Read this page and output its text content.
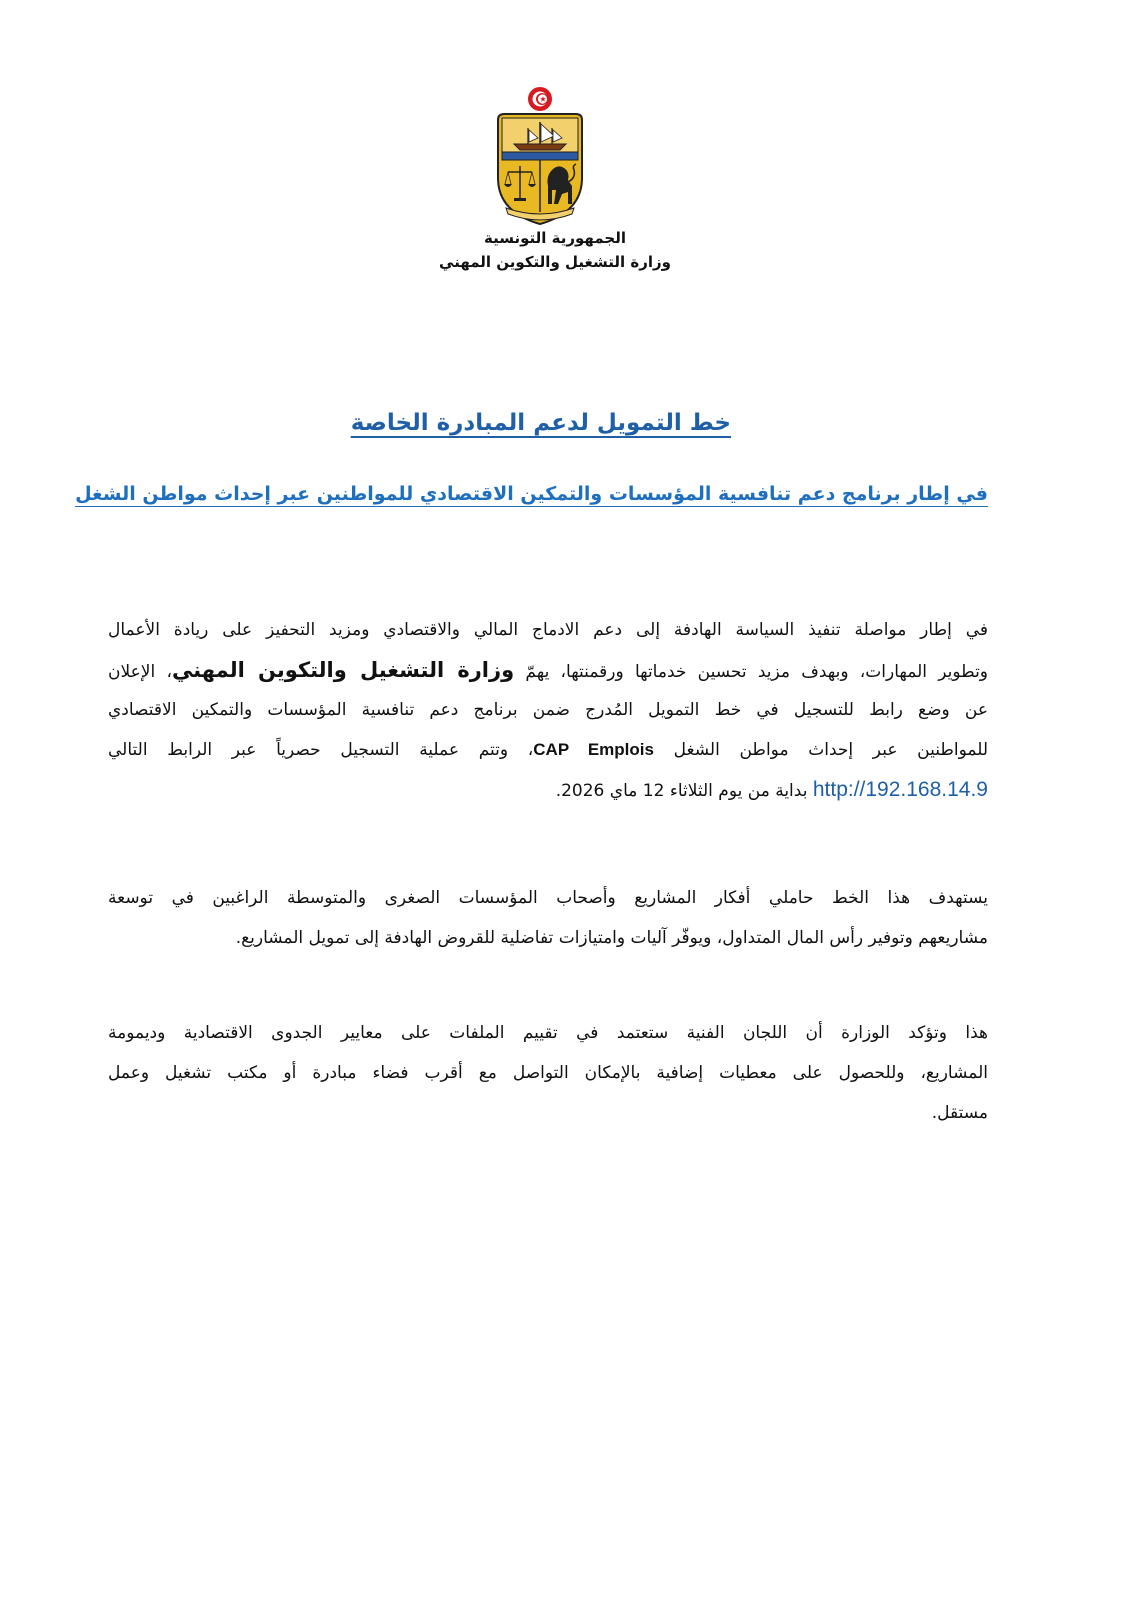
الجمهورية التونسية
وزارة التشغيل والتكوين المهني
خط التمويل لدعم المبادرة الخاصة
في إطار برنامج دعم تنافسية المؤسسات والتمكين الاقتصادي للمواطنين عبر إحداث مواطن الشغل
في إطار مواصلة تنفيذ السياسة الهادفة إلى دعم الادماج المالي والاقتصادي ومزيد التحفيز على ريادة الأعمال
وتطوير المهارات، وبهدف مزيد تحسين خدماتها ورقمنتها، يهمّ وزارة التشغيل والتكوين المهني، الإعلان
عن وضع رابط للتسجيل في خط التمويل المُدرج ضمن برنامج دعم تنافسية المؤسسات والتمكين الاقتصادي
للمواطنين عبر إحداث مواطن الشغل CAP Emplois، وتتم عملية التسجيل حصرياً عبر الرابط التالي
http://192.168.14.9 بداية من يوم الثلاثاء 12 ماي 2026.
يستهدف هذا الخط حاملي أفكار المشاريع وأصحاب المؤسسات الصغرى والمتوسطة الراغبين في توسعة
مشاريعهم وتوفير رأس المال المتداول، ويوفّر آليات وامتيازات تفاضلية للقروض الهادفة إلى تمويل المشاريع.
هذا وتؤكد الوزارة أن اللجان الفنية ستعتمد في تقييم الملفات على معايير الجدوى الاقتصادية وديمومة
المشاريع، وللحصول على معطيات إضافية بالإمكان التواصل مع أقرب فضاء مبادرة أو مكتب تشغيل وعمل
مستقل.
